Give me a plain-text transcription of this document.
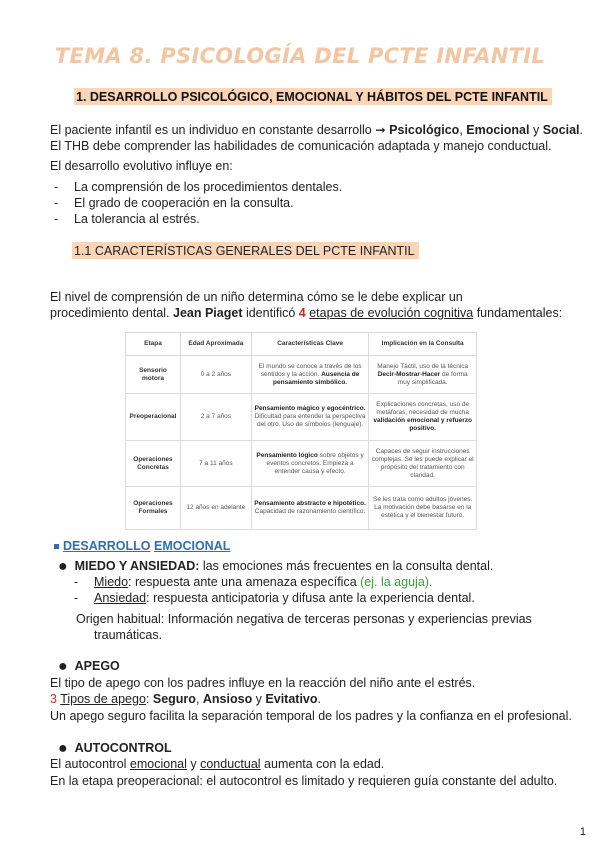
TEMA 8. PSICOLOGÍA DEL PCTE INFANTIL
1. DESARROLLO PSICOLÓGICO, EMOCIONAL Y HÁBITOS DEL PCTE INFANTIL
El paciente infantil es un individuo en constante desarrollo ➞ Psicológico, Emocional y Social.
El THB debe comprender las habilidades de comunicación adaptada y manejo conductual.
El desarrollo evolutivo influye en:
- La comprensión de los procedimientos dentales.
- El grado de cooperación en la consulta.
- La tolerancia al estrés.
1.1 CARACTERÍSTICAS GENERALES DEL PCTE INFANTIL
El nivel de comprensión de un niño determina cómo se le debe explicar un
procedimiento dental. Jean Piaget identificó 4 etapas de evolución cognitiva fundamentales:
Etapa	Edad Aproximada	Características Clave	Implicación en la Consulta
Sensorio motora	0 a 2 años	El mundo se conoce a través de los sentidos y la acción. Ausencia de pensamiento simbólico.	Manejo Táctil, uso de la técnica Decir-Mostrar-Hacer de forma muy simplificada.
Preoperacional	2 a 7 años	Pensamiento mágico y egocéntrico. Dificultad para entender la perspectiva del otro. Uso de símbolos (lenguaje).	Explicaciones concretas, uso de metáforas, necesidad de mucha validación emocional y refuerzo positivo.
Operaciones Concretas	7 a 11 años	Pensamiento lógico sobre objetos y eventos concretos. Empieza a entender causa y efecto.	Capaces de seguir instrucciones complejas. Se les puede explicar el propósito del tratamiento con claridad.
Operaciones Formales	12 años en adelante	Pensamiento abstracto e hipotético. Capacidad de razonamiento científico.	Se les trata como adultos jóvenes. La motivación debe basarse en la estética y el bienestar futuro.
DESARROLLO EMOCIONAL
● MIEDO Y ANSIEDAD: las emociones más frecuentes en la consulta dental.
- Miedo: respuesta ante una amenaza específica (ej. la aguja).
- Ansiedad: respuesta anticipatoria y difusa ante la experiencia dental.
Origen habitual: Información negativa de terceras personas y experiencias previas
traumáticas.
● APEGO
El tipo de apego con los padres influye en la reacción del niño ante el estrés.
3 Tipos de apego: Seguro, Ansioso y Evitativo.
Un apego seguro facilita la separación temporal de los padres y la confianza en el profesional.
● AUTOCONTROL
El autocontrol emocional y conductual aumenta con la edad.
En la etapa preoperacional: el autocontrol es limitado y requieren guía constante del adulto.
1
